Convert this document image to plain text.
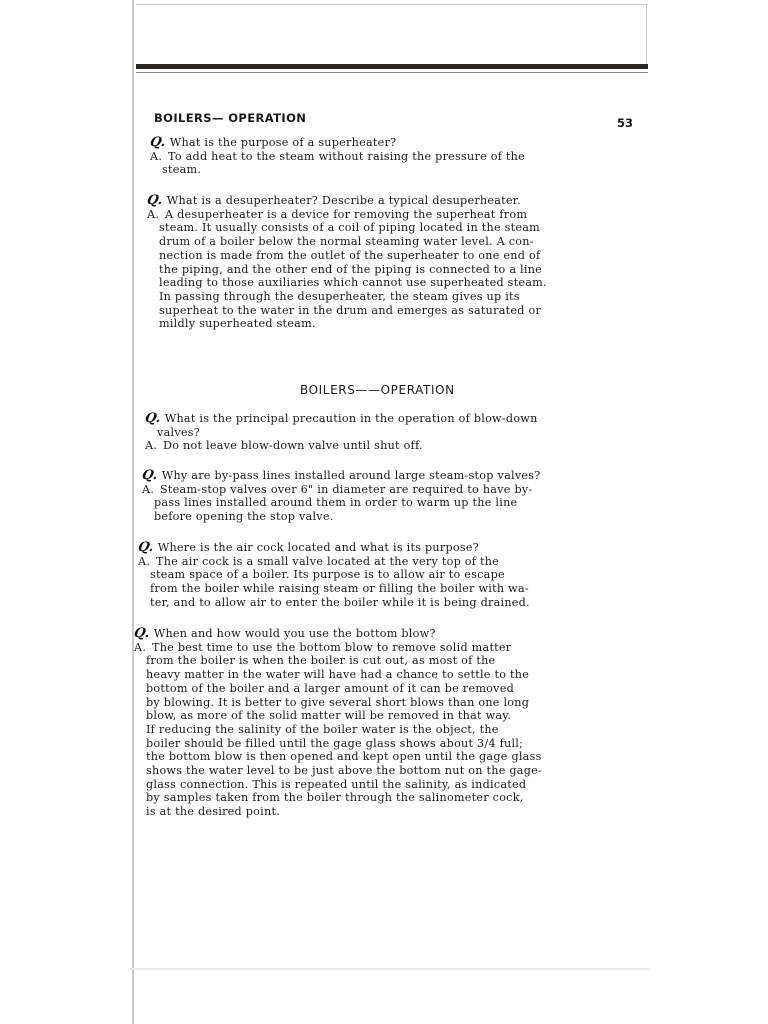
BOILERS— OPERATION	53
Q. What is the purpose of a superheater?
A. To add heat to the steam without raising the pressure of the
steam.
Q. What is a desuperheater? Describe a typical desuperheater.
A. A desuperheater is a device for removing the superheat from
steam. It usually consists of a coil of piping located in the steam
drum of a boiler below the normal steaming water level. A con-
nection is made from the outlet of the superheater to one end of
the piping, and the other end of the piping is connected to a line
leading to those auxiliaries which cannot use superheated steam.
In passing through the desuperheater, the steam gives up its
superheat to the water in the drum and emerges as saturated or
mildly superheated steam.
BOILERS——OPERATION
Q. What is the principal precaution in the operation of blow-down
valves?
A. Do not leave blow-down valve until shut off.
Q. Why are by-pass lines installed around large steam-stop valves?
A. Steam-stop valves over 6" in diameter are required to have by-
pass lines installed around them in order to warm up the line
before opening the stop valve.
Q. Where is the air cock located and what is its purpose?
A. The air cock is a small valve located at the very top of the
steam space of a boiler. Its purpose is to allow air to escape
from the boiler while raising steam or filling the boiler with wa-
ter, and to allow air to enter the boiler while it is being drained.
Q. When and how would you use the bottom blow?
A. The best time to use the bottom blow to remove solid matter
from the boiler is when the boiler is cut out, as most of the
heavy matter in the water will have had a chance to settle to the
bottom of the boiler and a larger amount of it can be removed
by blowing. It is better to give several short blows than one long
blow, as more of the solid matter will be removed in that way.
If reducing the salinity of the boiler water is the object, the
boiler should be filled until the gage glass shows about 3/4 full;
the bottom blow is then opened and kept open until the gage glass
shows the water level to be just above the bottom nut on the gage-
glass connection. This is repeated until the salinity, as indicated
by samples taken from the boiler through the salinometer cock,
is at the desired point.
